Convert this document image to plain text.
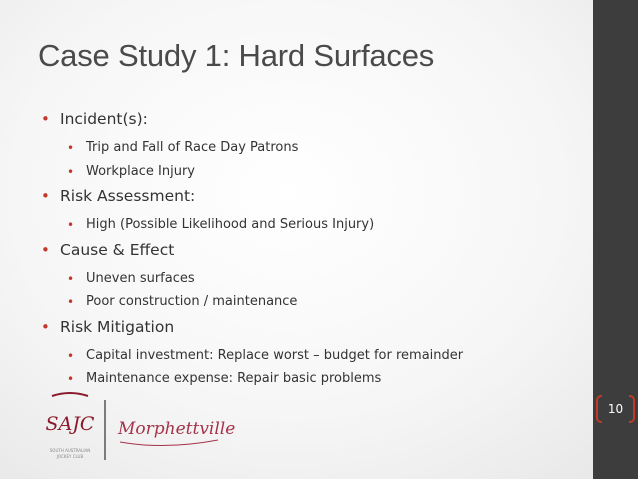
10
Case Study 1: Hard Surfaces
• Incident(s):
• Trip and Fall of Race Day Patrons
• Workplace Injury
• Risk Assessment:
• High (Possible Likelihood and Serious Injury)
• Cause & Effect
• Uneven surfaces
• Poor construction / maintenance
• Risk Mitigation
• Capital investment: Replace worst – budget for remainder
• Maintenance expense: Repair basic problems
SAJC
SOUTH AUSTRALIAN
JOCKEY CLUB
Morphettville
